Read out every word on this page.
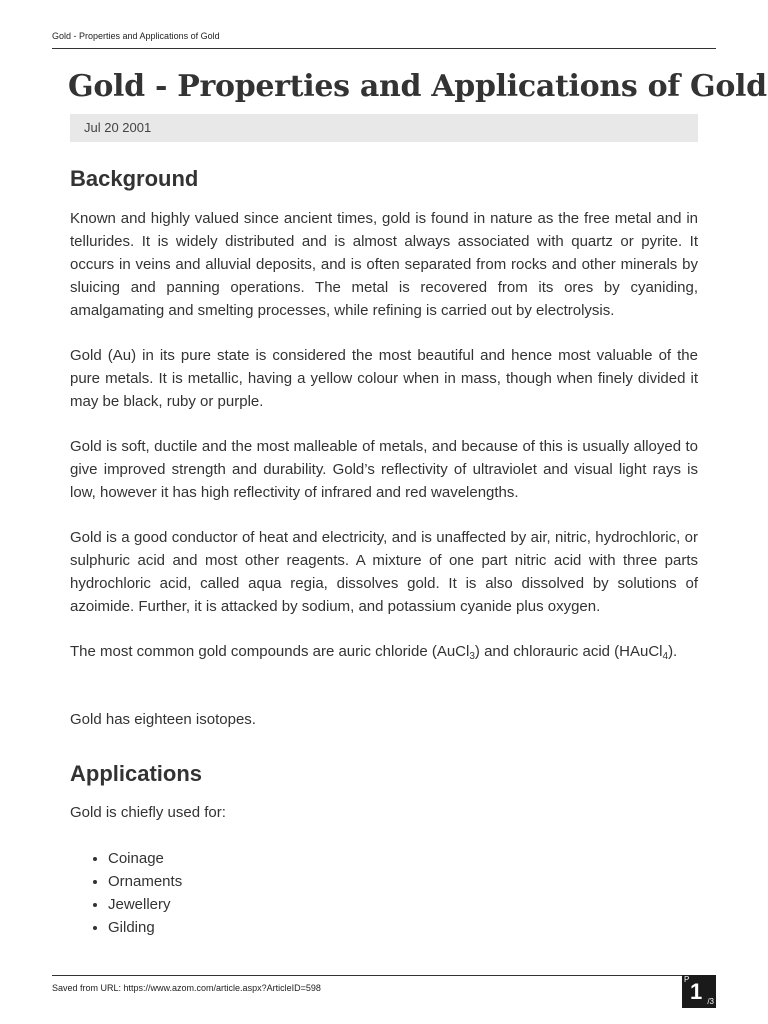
Gold - Properties and Applications of Gold
Gold - Properties and Applications of Gold
Jul 20 2001
Background

Known and highly valued since ancient times, gold is found in nature as the free metal and in tellurides. It is widely distributed and is almost always associated with quartz or pyrite. It occurs in veins and alluvial deposits, and is often separated from rocks and other minerals by sluicing and panning operations. The metal is recovered from its ores by cyaniding, amalgamating and smelting processes, while refining is carried out by electrolysis.

Gold (Au) in its pure state is considered the most beautiful and hence most valuable of the pure metals. It is metallic, having a yellow colour when in mass, though when finely divided it may be black, ruby or purple.

Gold is soft, ductile and the most malleable of metals, and because of this is usually alloyed to give improved strength and durability. Gold’s reflectivity of ultraviolet and visual light rays is low, however it has high reflectivity of infrared and red wavelengths.

Gold is a good conductor of heat and electricity, and is unaffected by air, nitric, hydrochloric, or sulphuric acid and most other reagents. A mixture of one part nitric acid with three parts hydrochloric acid, called aqua regia, dissolves gold. It is also dissolved by solutions of azoimide. Further, it is attacked by sodium, and potassium cyanide plus oxygen.

The most common gold compounds are auric chloride (AuCl$_3$) and chlorauric acid (HAuCl$_4$).

Gold has eighteen isotopes.

Applications

Gold is chiefly used for:

• Coinage
• Ornaments
• Jewellery
• Gilding
Saved from URL: https://www.azom.com/article.aspx?ArticleID=598
P 1 /3
